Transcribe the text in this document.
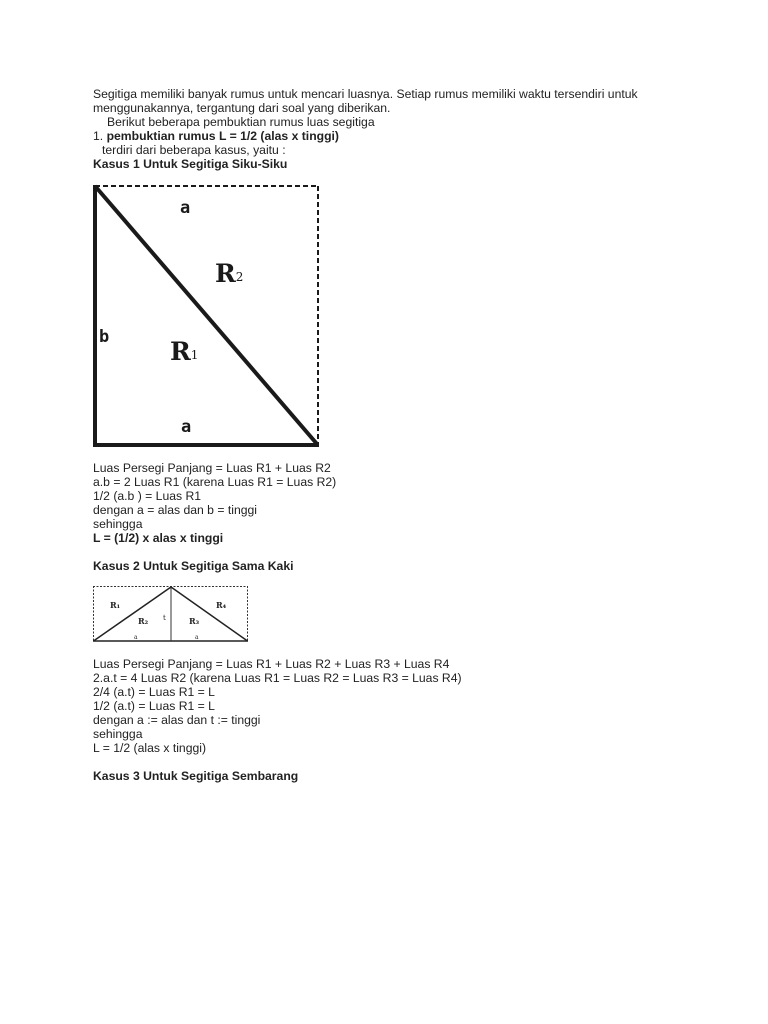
Segitiga memiliki banyak rumus untuk mencari luasnya. Setiap rumus memiliki waktu tersendiri untuk

menggunakannya, tergantung dari soal yang diberikan.

Berikut beberapa pembuktian rumus luas segitiga

1. pembuktian rumus L = 1/2 (alas x tinggi)

terdiri dari beberapa kasus, yaitu :

Kasus 1 Untuk Segitiga Siku-Siku

a
b
a
R2
R1

Luas Persegi Panjang = Luas R1 + Luas R2

a.b = 2 Luas R1 (karena Luas R1 = Luas R2)

1/2 (a.b ) = Luas R1

dengan a = alas dan b = tinggi

sehingga

L = (1/2) x alas x tinggi

Kasus 2 Untuk Segitiga Sama Kaki

R₁
R₂ t	R₃
R₄
a	a

Luas Persegi Panjang = Luas R1 + Luas R2 + Luas R3 + Luas R4

2.a.t = 4 Luas R2 (karena Luas R1 = Luas R2 = Luas R3 = Luas R4)

2/4 (a.t) = Luas R1 = L

1/2 (a.t) = Luas R1 = L

dengan a := alas dan t := tinggi

sehingga

L = 1/2 (alas x tinggi)

Kasus 3 Untuk Segitiga Sembarang
